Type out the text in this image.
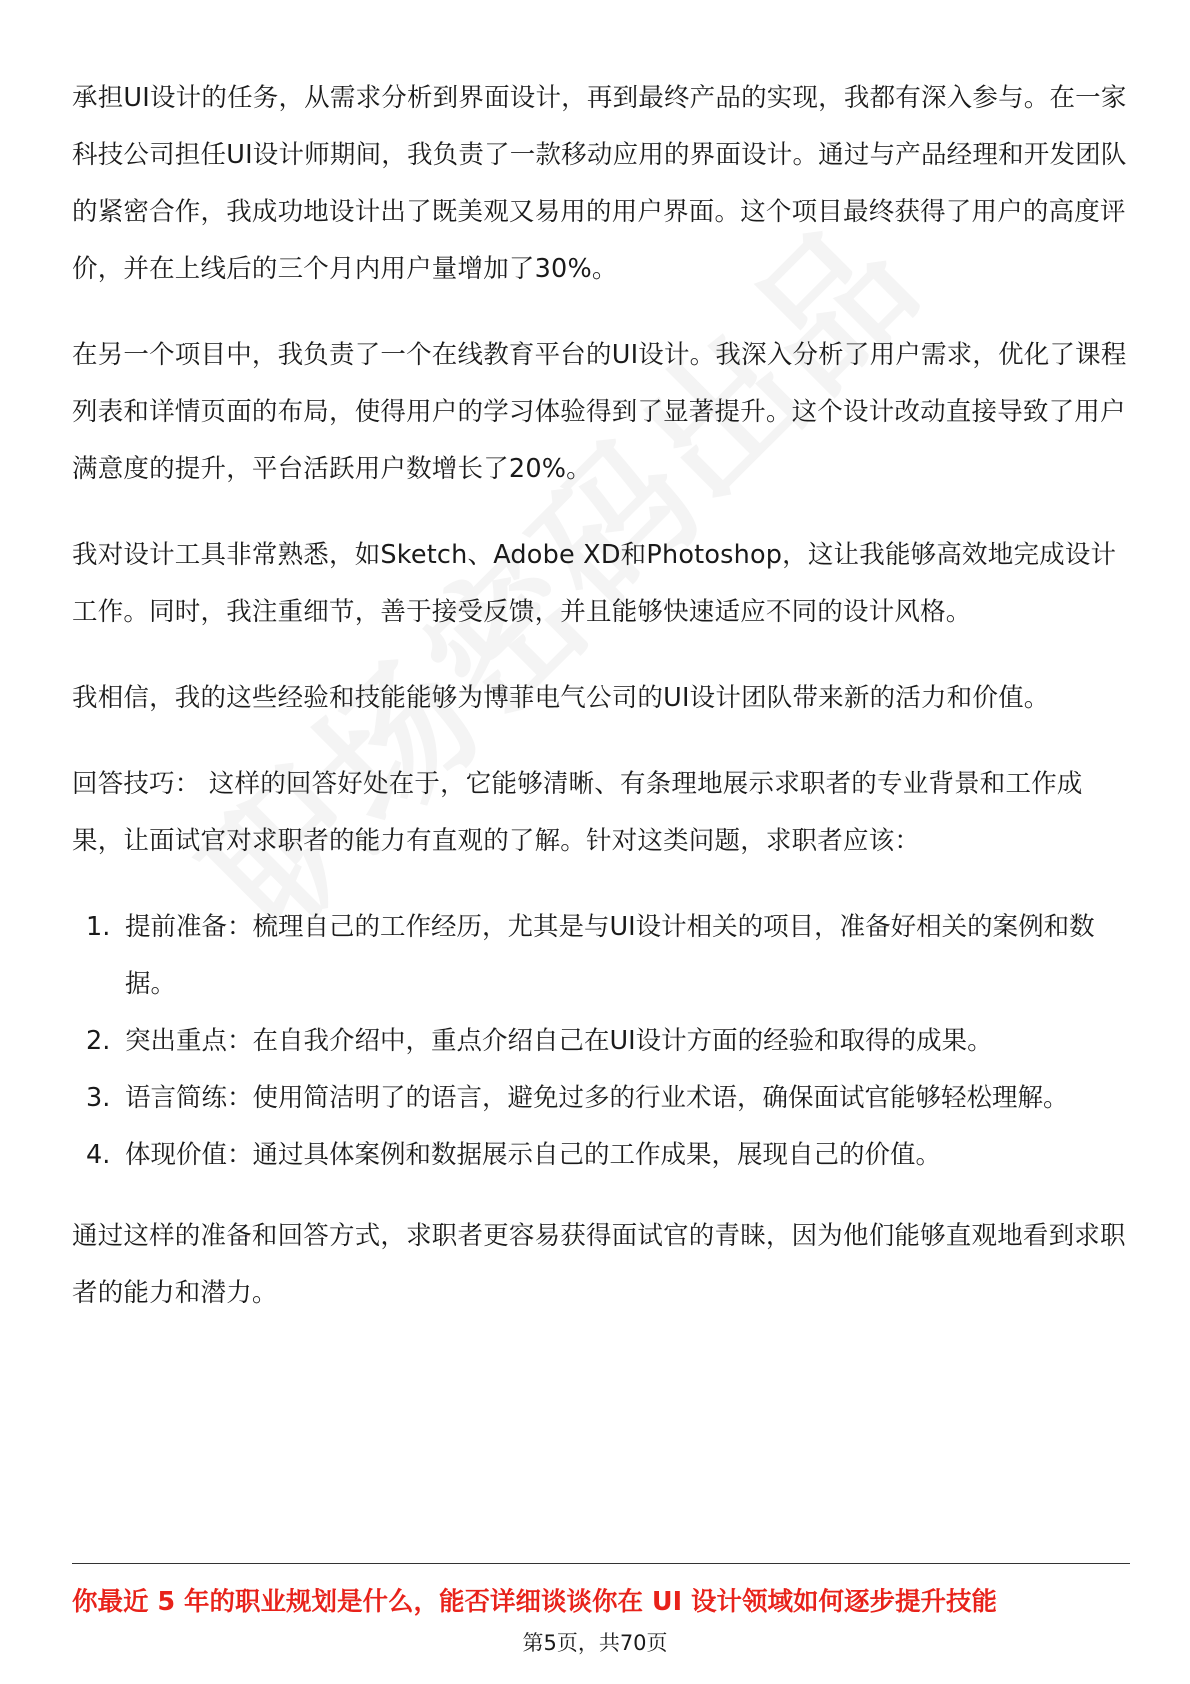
承担UI设计的任务，从需求分析到界面设计，再到最终产品的实现，我都有深入参与。在一家科技公司担任UI设计师期间，我负责了一款移动应用的界面设计。通过与产品经理和开发团队的紧密合作，我成功地设计出了既美观又易用的用户界面。这个项目最终获得了用户的高度评价，并在上线后的三个月内用户量增加了30%。

在另一个项目中，我负责了一个在线教育平台的UI设计。我深入分析了用户需求，优化了课程列表和详情页面的布局，使得用户的学习体验得到了显著提升。这个设计改动直接导致了用户满意度的提升，平台活跃用户数增长了20%。

我对设计工具非常熟悉，如Sketch、Adobe XD和Photoshop，这让我能够高效地完成设计工作。同时，我注重细节，善于接受反馈，并且能够快速适应不同的设计风格。

我相信，我的这些经验和技能能够为博菲电气公司的UI设计团队带来新的活力和价值。

回答技巧： 这样的回答好处在于，它能够清晰、有条理地展示求职者的专业背景和工作成果，让面试官对求职者的能力有直观的了解。针对这类问题，求职者应该：

1. 提前准备：梳理自己的工作经历，尤其是与UI设计相关的项目，准备好相关的案例和数据。
2. 突出重点：在自我介绍中，重点介绍自己在UI设计方面的经验和取得的成果。
3. 语言简练：使用简洁明了的语言，避免过多的行业术语，确保面试官能够轻松理解。
4. 体现价值：通过具体案例和数据展示自己的工作成果，展现自己的价值。

通过这样的准备和回答方式，求职者更容易获得面试官的青睐，因为他们能够直观地看到求职者的能力和潜力。

你最近 5 年的职业规划是什么，能否详细谈谈你在 UI 设计领域如何逐步提升技能
第5页，共70页
